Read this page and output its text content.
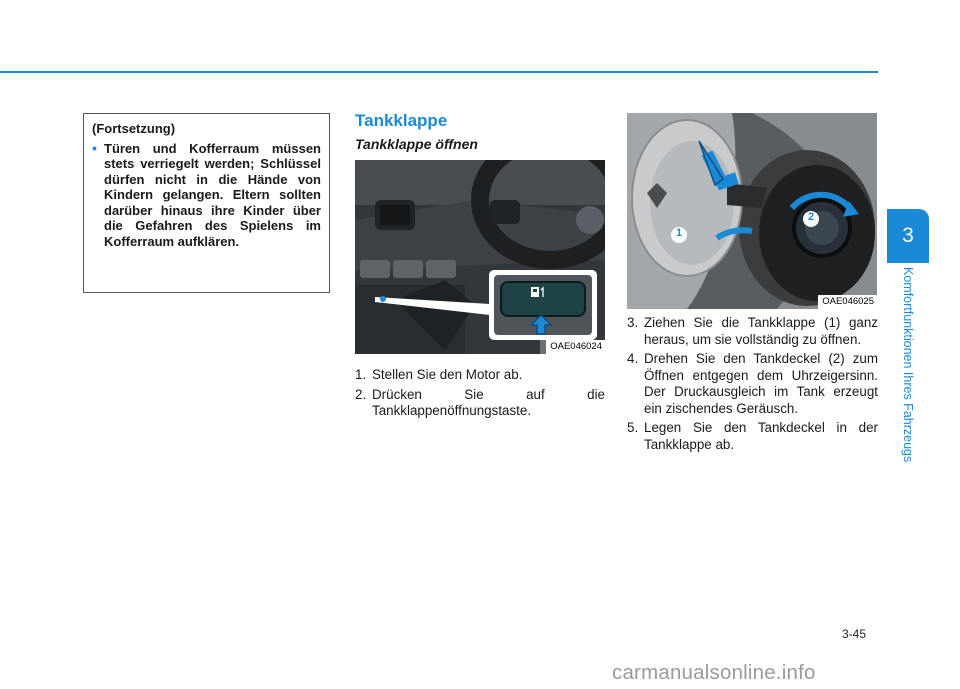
(Fortsetzung)
• Türen und Kofferraum müssen stets verriegelt werden; Schlüssel dürfen nicht in die Hände von Kindern gelangen. Eltern sollten darüber hinaus ihre Kinder über die Gefahren des Spielens im Kofferraum aufklären.
Tankklappe
Tankklappe öffnen
OAE046024
1. Stellen Sie den Motor ab.
2. Drücken Sie auf die Tankklappenöffnungstaste.
1
2
OAE046025
3. Ziehen Sie die Tankklappe (1) ganz heraus, um sie vollständig zu öffnen.
4. Drehen Sie den Tankdeckel (2) zum Öffnen entgegen dem Uhrzeigersinn. Der Druckausgleich im Tank erzeugt ein zischendes Geräusch.
5. Legen Sie den Tankdeckel in der Tankklappe ab.
3
Komfortfunktionen Ihres Fahrzeugs
3-45
carmanualsonline.info
